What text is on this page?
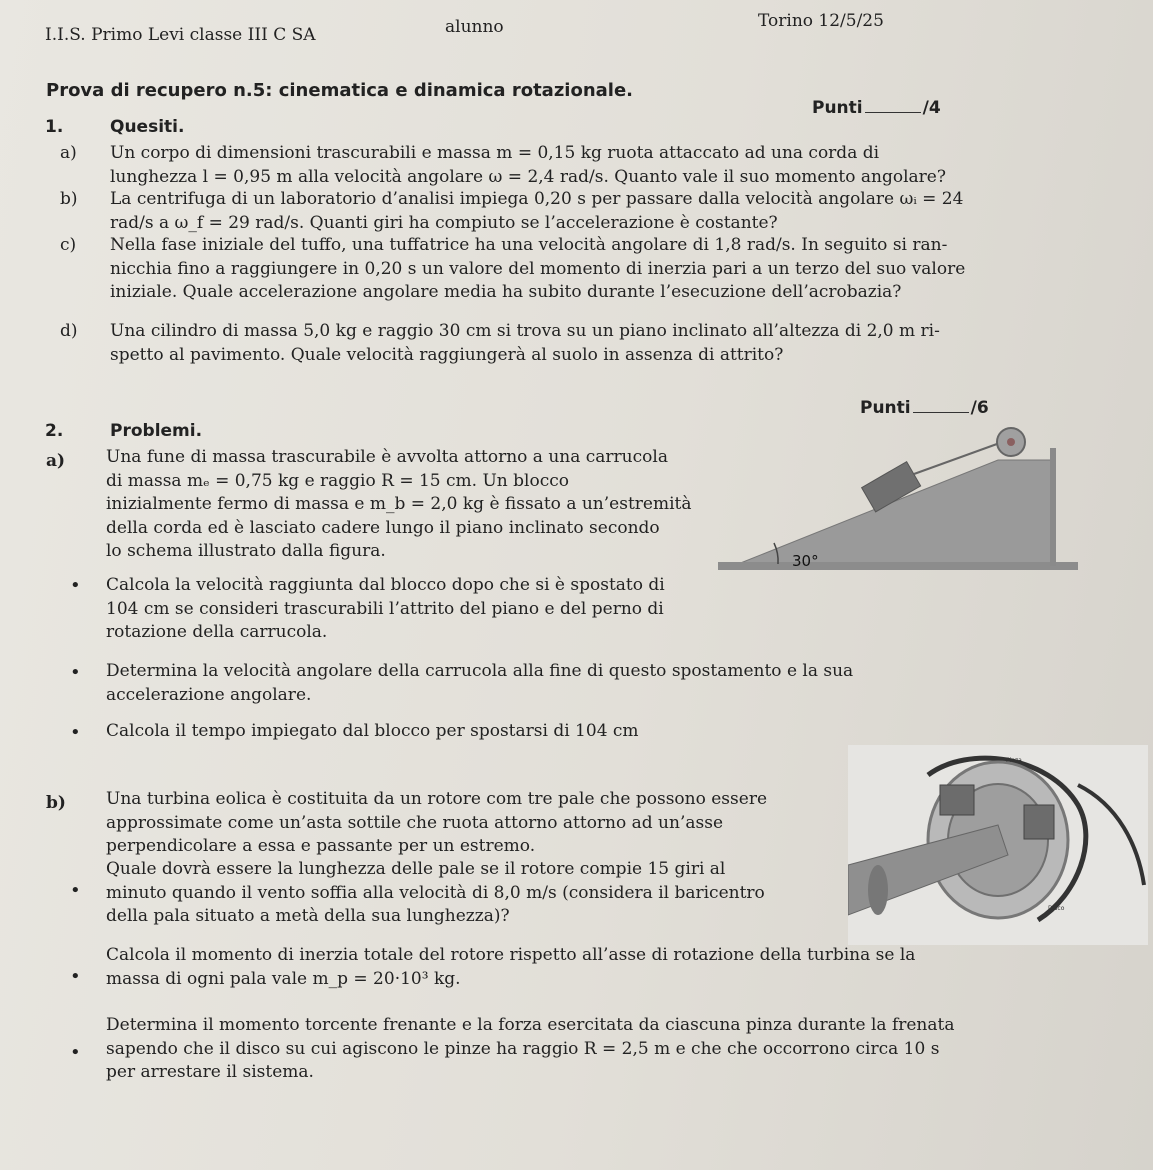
I.I.S. Primo Levi classe III C SA	alunno	Torino 12/5/25
Prova di recupero n.5: cinematica e dinamica rotazionale.
1.	Quesiti.
Punti	/4
a) Un corpo di dimensioni trascurabili e massa m = 0,15 kg ruota attaccato ad una corda di
lunghezza l = 0,95 m alla velocità angolare ω = 2,4 rad/s. Quanto vale il suo momento angolare?
b) La centrifuga di un laboratorio d’analisi impiega 0,20 s per passare dalla velocità angolare ωᵢ = 24
rad/s a ω_f = 29 rad/s. Quanti giri ha compiuto se l’accelerazione è costante?
c) Nella fase iniziale del tuffo, una tuffatrice ha una velocità angolare di 1,8 rad/s. In seguito si ran-
nicchia fino a raggiungere in 0,20 s un valore del momento di inerzia pari a un terzo del suo valore
iniziale. Quale accelerazione angolare media ha subito durante l’esecuzione dell’acrobazia?
d) Una cilindro di massa 5,0 kg e raggio 30 cm si trova su un piano inclinato all’altezza di 2,0 m ri-
spetto al pavimento. Quale velocità raggiungerà al suolo in assenza di attrito?
Punti	/6
2.	Problemi.
a) Una fune di massa trascurabile è avvolta attorno a una carrucola
di massa mₑ = 0,75 kg e raggio R = 15 cm. Un blocco
inizialmente fermo di massa e m_b = 2,0 kg è fissato a un’estremità
della corda ed è lasciato cadere lungo il piano inclinato secondo
lo schema illustrato dalla figura.	30°
• Calcola la velocità raggiunta dal blocco dopo che si è spostato di
104 cm se consideri trascurabili l’attrito del piano e del perno di
rotazione della carrucola.
• Determina la velocità angolare della carrucola alla fine di questo spostamento e la sua
accelerazione angolare.
• Calcola il tempo impiegato dal blocco per spostarsi di 104 cm
b) Una turbina eolica è costituita da un rotore com tre pale che possono essere
approssimate come un’asta sottile che ruota attorno attorno ad un’asse
perpendicolare a essa e passante per un estremo.
Pinza
Disco
•
Quale dovrà essere la lunghezza delle pale se il rotore compie 15 giri al
minuto quando il vento soffia alla velocità di 8,0 m/s (considera il baricentro
della pala situato a metà della sua lunghezza)?
•
Calcola il momento di inerzia totale del rotore rispetto all’asse di rotazione della turbina se la
massa di ogni pala vale m_p = 20·10³ kg.
•
Determina il momento torcente frenante e la forza esercitata da ciascuna pinza durante la frenata
sapendo che il disco su cui agiscono le pinze ha raggio R = 2,5 m e che che occorrono circa 10 s
per arrestare il sistema.
